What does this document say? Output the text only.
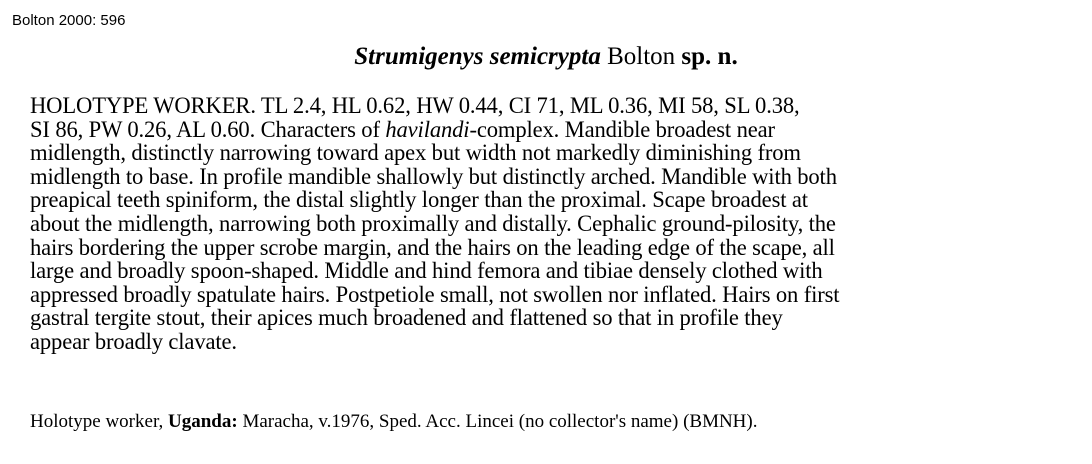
Bolton 2000: 596
Strumigenys semicrypta Bolton sp. n.
HOLOTYPE WORKER. TL 2.4, HL 0.62, HW 0.44, CI 71, ML 0.36, MI 58, SL 0.38,
SI 86, PW 0.26, AL 0.60. Characters of havilandi-complex. Mandible broadest near
midlength, distinctly narrowing toward apex but width not markedly diminishing from
midlength to base. In profile mandible shallowly but distinctly arched. Mandible with both
preapical teeth spiniform, the distal slightly longer than the proximal. Scape broadest at
about the midlength, narrowing both proximally and distally. Cephalic ground-pilosity, the
hairs bordering the upper scrobe margin, and the hairs on the leading edge of the scape, all
large and broadly spoon-shaped. Middle and hind femora and tibiae densely clothed with
appressed broadly spatulate hairs. Postpetiole small, not swollen nor inflated. Hairs on first
gastral tergite stout, their apices much broadened and flattened so that in profile they
appear broadly clavate.
Holotype worker, Uganda: Maracha, v.1976, Sped. Acc. Lincei (no collector's name) (BMNH).
